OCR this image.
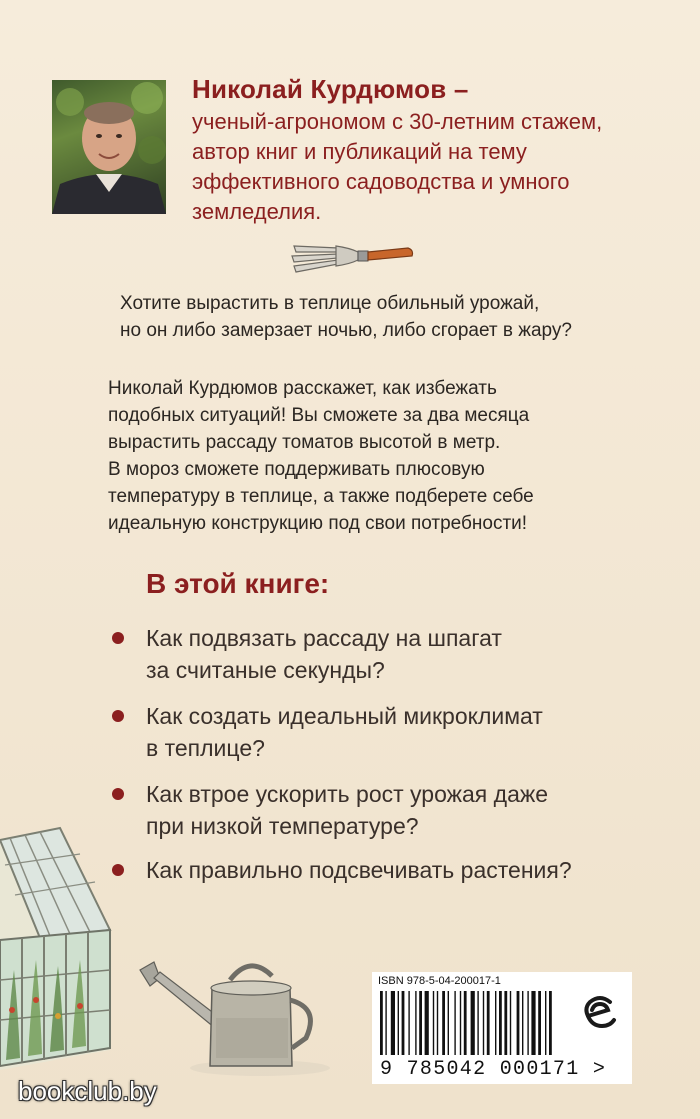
Николай Курдюмов –
ученый-агрономом с 30-летним стажем,
автор книг и публикаций на тему
эффективного садоводства и умного
земледелия.
Хотите вырастить в теплице обильный урожай,
но он либо замерзает ночью, либо сгорает в жару?
Николай Курдюмов расскажет, как избежать
подобных ситуаций! Вы сможете за два месяца
вырастить рассаду томатов высотой в метр.
В мороз сможете поддерживать плюсовую
температуру в теплице, а также подберете себе
идеальную конструкцию под свои потребности!
В этой книге:
Как подвязать рассаду на шпагат
за считаные секунды?
Как создать идеальный микроклимат
в теплице?
Как втрое ускорить рост урожая даже
при низкой температуре?
Как правильно подсвечивать растения?
ISBN 978-5-04-200017-1
9 785042 000171 >
bookclub.by
